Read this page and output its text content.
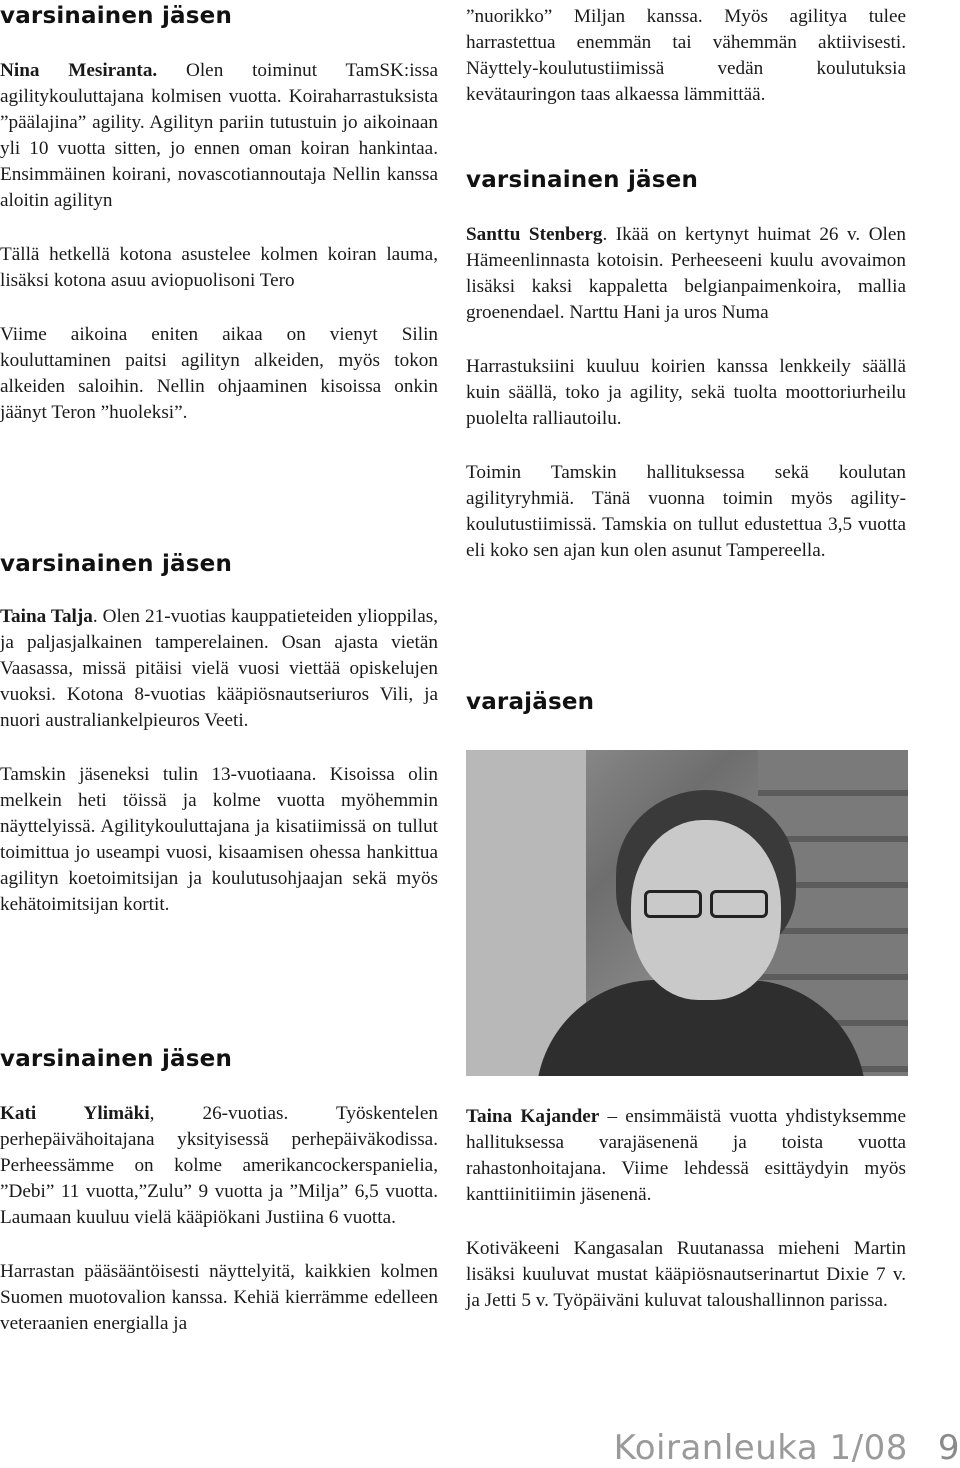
varsinainen jäsen

Nina Mesiranta. Olen toiminut TamSK:issa agilitykouluttajana kolmisen vuotta. Koiraharrastuksista ”päälajina” agility. Agilityn pariin tutustuin jo aikoinaan yli 10 vuotta sitten, jo ennen oman koiran hankintaa. Ensimmäinen koirani, novascotiannoutaja Nellin kanssa aloitin agilityn

Tällä hetkellä kotona asustelee kolmen koiran lauma, lisäksi kotona asuu aviopuolisoni Tero

Viime aikoina eniten aikaa on vienyt Silin kouluttaminen paitsi agilityn alkeiden, myös tokon alkeiden saloihin. Nellin ohjaaminen kisoissa onkin jäänyt Teron ”huoleksi”.

varsinainen jäsen

Taina Talja. Olen 21-vuotias kauppatieteiden ylioppilas, ja paljasjalkainen tamperelainen. Osan ajasta vietän Vaasassa, missä pitäisi vielä vuosi viettää opiskelujen vuoksi. Kotona 8-vuotias kääpiösnautseriuros Vili, ja nuori australiankelpieuros Veeti.

Tamskin jäseneksi tulin 13-vuotiaana. Kisoissa olin melkein heti töissä ja kolme vuotta myöhemmin näyttelyissä. Agilitykouluttajana ja kisatiimissä on tullut toimittua jo useampi vuosi, kisaamisen ohessa hankittua agilityn koetoimitsijan ja koulutusohjaajan sekä myös kehätoimitsijan kortit.

varsinainen jäsen

Kati Ylimäki, 26-vuotias. Työskentelen perhepäivähoitajana yksityisessä perhepäiväkodissa. Perheessämme on kolme amerikancockerspanielia, ”Debi” 11 vuotta,”Zulu” 9 vuotta ja ”Milja” 6,5 vuotta. Laumaan kuuluu vielä kääpiökani Justiina 6 vuotta.

Harrastan pääsääntöisesti näyttelyitä, kaikkien kolmen Suomen muotovalion kanssa. Kehiä kierrämme edelleen veteraanien energialla ja

”nuorikko” Miljan kanssa. Myös agilitya tulee harrastettua enemmän tai vähemmän aktiivisesti. Näyttely-koulutustiimissä vedän koulutuksia kevätauringon taas alkaessa lämmittää.

varsinainen jäsen

Santtu Stenberg. Ikää on kertynyt huimat 26 v. Olen Hämeenlinnasta kotoisin. Perheeseeni kuulu avovaimon lisäksi kaksi kappaletta belgianpaimenkoira, mallia groenendael. Narttu Hani ja uros Numa

Harrastuksiini kuuluu koirien kanssa lenkkeily säällä kuin säällä, toko ja agility, sekä tuolta moottoriurheilu puolelta ralliautoilu.

Toimin Tamskin hallituksessa sekä koulutan agilityryhmiä. Tänä vuonna toimin myös agility-koulutustiimissä. Tamskia on tullut edustettua 3,5 vuotta eli koko sen ajan kun olen asunut Tampereella.

varajäsen

Taina Kajander – ensimmäistä vuotta yhdistyksemme hallituksessa varajäsenenä ja toista vuotta rahastonhoitajana. Viime lehdessä esittäydyin myös kanttiinitiimin jäsenenä.

Kotiväkeeni Kangasalan Ruutanassa mieheni Martin lisäksi kuuluvat mustat kääpiösnautserinartut Dixie 7 v. ja Jetti 5 v. Työpäiväni kuluvat taloushallinnon parissa.

Koiranleuka 1/08 9
